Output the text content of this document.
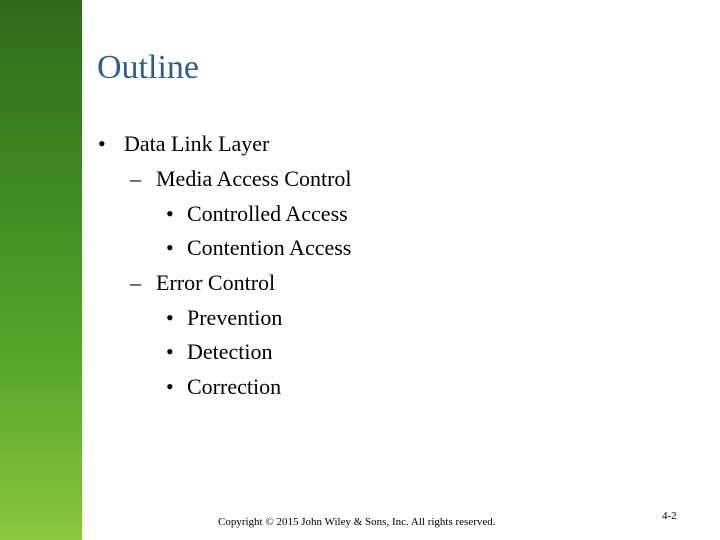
Outline
• Data Link Layer
– Media Access Control
• Controlled Access
• Contention Access
– Error Control
• Prevention
• Detection
• Correction
Copyright © 2015 John Wiley & Sons, Inc. All rights reserved.	4-2
